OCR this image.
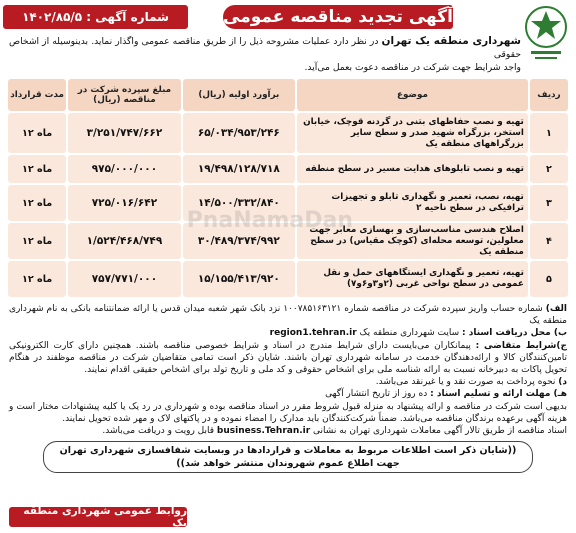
PnaNamaDan
آگهی تجدید مناقصه عمومی
شماره آگهی : ۱۴۰۲/۸۵/۵
شهرداری منطقه یک تهران در نظر دارد عملیات مشروحه ذیل را از طریق مناقصه عمومی واگذار نماید. بدینوسیله از اشخاص حقوقی
واجد شرایط جهت شرکت در مناقصه دعوت بعمل می‌آید.
ردیف	موضوع	برآورد اولیه (ریال)	مبلغ سپرده شرکت در مناقصه (ریال)	مدت قرارداد
۱	تهیه و نصب حفاظهای بتنی در گردنه قوچک، خیابان استخر، بزرگراه شهید صدر و سطح سایر بزرگراههای منطقه یک	۶۵/۰۳۴/۹۵۳/۲۴۶	۳/۲۵۱/۷۴۷/۶۶۲	۱۲ ماه
۲	تهیه و نصب تابلوهای هدایت مسیر در سطح منطقه	۱۹/۴۹۸/۱۲۸/۷۱۸	۹۷۵/۰۰۰/۰۰۰	۱۲ ماه
۳	تهیه، نصب، تعمیر و نگهداری تابلو و تجهیزات ترافیکی در سطح ناحیه ۲	۱۴/۵۰۰/۳۳۲/۸۴۰	۷۲۵/۰۱۶/۶۴۲	۱۲ ماه
۴	اصلاح هندسی مناسب‌سازی و بهسازی معابر جهت معلولین، توسعه محله‌ای (کوچک مقیاس) در سطح منطقه یک	۳۰/۴۸۹/۳۷۴/۹۹۲	۱/۵۲۴/۴۶۸/۷۴۹	۱۲ ماه
۵	تهیه، تعمیر و نگهداری ایستگاههای حمل و نقل عمومی در سطح نواحی غربی (۲و۳و۶و۷)	۱۵/۱۵۵/۴۱۳/۹۲۰	۷۵۷/۷۷۱/۰۰۰	۱۲ ماه

الف) شماره حساب واریز سپرده شرکت در مناقصه شماره ۱۰۰۷۸۵۱۶۳۱۲۱ نزد بانک شهر شعبه میدان قدس یا ارائه ضمانتنامه بانکی به نام شهرداری منطقه یک

ب) محل دریافت اسناد : سایت شهرداری منطقه یک region1.tehran.ir

ج)شرایط متقاضی : پیمانکاران می‌بایست دارای شرایط مندرج در اسناد و شرایط خصوصی مناقصه باشند. همچنین دارای کارت الکترونیکی تامین‌کنندگان کالا و ارائه‌دهندگان خدمت در سامانه شهرداری تهران باشند. شایان ذکر است تمامی متقاضیان شرکت در مناقصه موظفند در هنگام تحویل پاکات به دبیرخانه نسبت به ارائه شناسه ملی برای اشخاص حقوقی و کد ملی و تاریخ تولد برای اشخاص حقیقی اقدام نمایند.

د) نحوه پرداخت به صورت نقد و یا غیرنقد می‌باشد.

هـ) مهلت ارائه و تسلیم اسناد : ده روز از تاریخ انتشار آگهی

بدیهی است شرکت در مناقصه و ارائه پیشنهاد به منزله قبول شروط مقرر در اسناد مناقصه بوده و شهرداری در رد یک یا کلیه پیشنهادات مختار است و هزینه آگهی برعهده برندگان مناقصه می‌باشد. ضمناً شرکت‌کنندگان باید مدارک را امضاء نموده و در پاکتهای لاک و مهر شده تحویل نمایند.

اسناد مناقصه از طریق تالار آگهی معاملات شهرداری تهران به نشانی business.Tehran.ir قابل رویت و دریافت می‌باشد.

((شایان ذکر است اطلاعات مربوط به معاملات و قراردادها در وبسایت شفافسازی شهرداری تهران
جهت اطلاع عموم شهروندان منتشر خواهد شد))
روابط عمومی شهرداری منطقه یک
